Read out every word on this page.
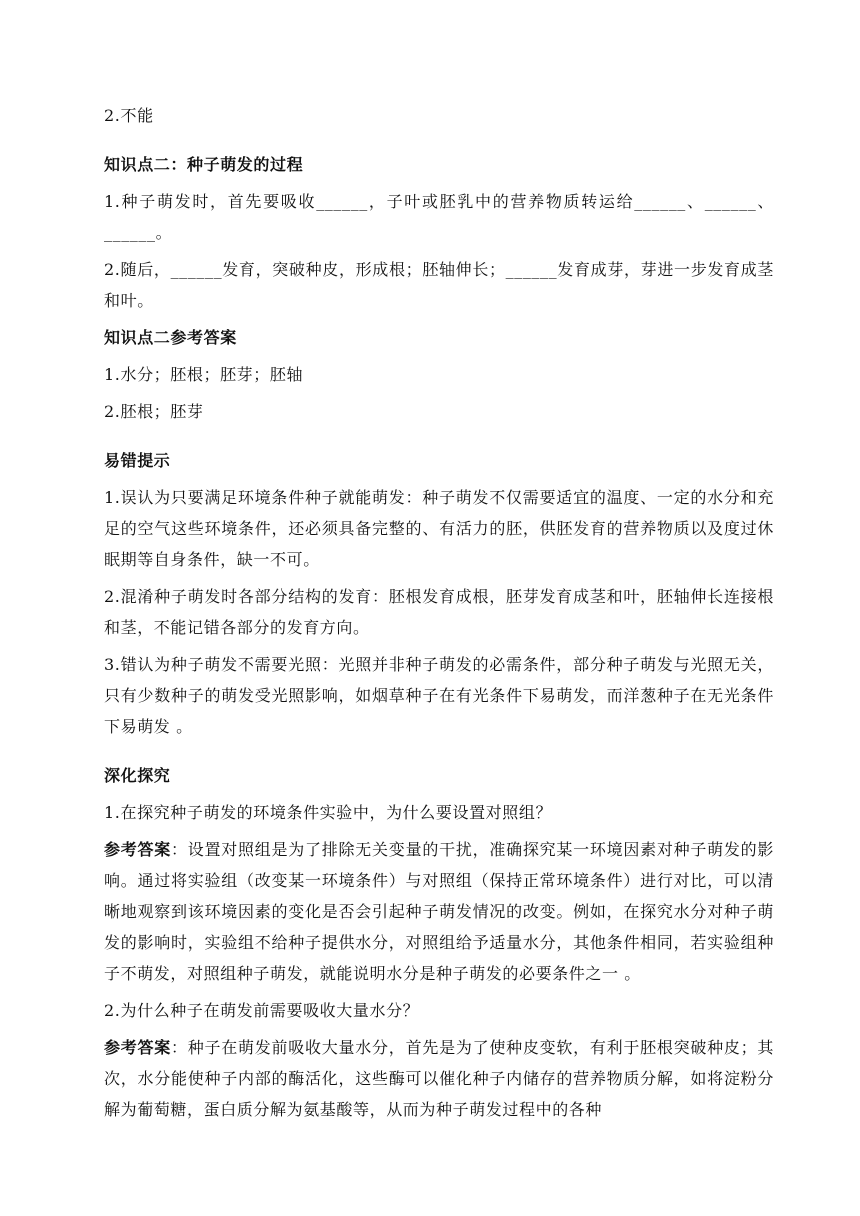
2.不能

知识点二：种子萌发的过程

1.种子萌发时，首先要吸收______，子叶或胚乳中的营养物质转运给______、______、______。

2.随后，______发育，突破种皮，形成根；胚轴伸长；______发育成芽，芽进一步发育成茎和叶。

知识点二参考答案

1.水分；胚根；胚芽；胚轴

2.胚根；胚芽

易错提示

1.误认为只要满足环境条件种子就能萌发：种子萌发不仅需要适宜的温度、一定的水分和充足的空气这些环境条件，还必须具备完整的、有活力的胚，供胚发育的营养物质以及度过休眠期等自身条件，缺一不可。

2.混淆种子萌发时各部分结构的发育：胚根发育成根，胚芽发育成茎和叶，胚轴伸长连接根和茎，不能记错各部分的发育方向。

3.错认为种子萌发不需要光照：光照并非种子萌发的必需条件，部分种子萌发与光照无关，只有少数种子的萌发受光照影响，如烟草种子在有光条件下易萌发，而洋葱种子在无光条件下易萌发 。

深化探究

1.在探究种子萌发的环境条件实验中，为什么要设置对照组？

参考答案：设置对照组是为了排除无关变量的干扰，准确探究某一环境因素对种子萌发的影响。通过将实验组（改变某一环境条件）与对照组（保持正常环境条件）进行对比，可以清晰地观察到该环境因素的变化是否会引起种子萌发情况的改变。例如，在探究水分对种子萌发的影响时，实验组不给种子提供水分，对照组给予适量水分，其他条件相同，若实验组种子不萌发，对照组种子萌发，就能说明水分是种子萌发的必要条件之一 。

2.为什么种子在萌发前需要吸收大量水分？

参考答案：种子在萌发前吸收大量水分，首先是为了使种皮变软，有利于胚根突破种皮；其次，水分能使种子内部的酶活化，这些酶可以催化种子内储存的营养物质分解，如将淀粉分解为葡萄糖，蛋白质分解为氨基酸等，从而为种子萌发过程中的各种
